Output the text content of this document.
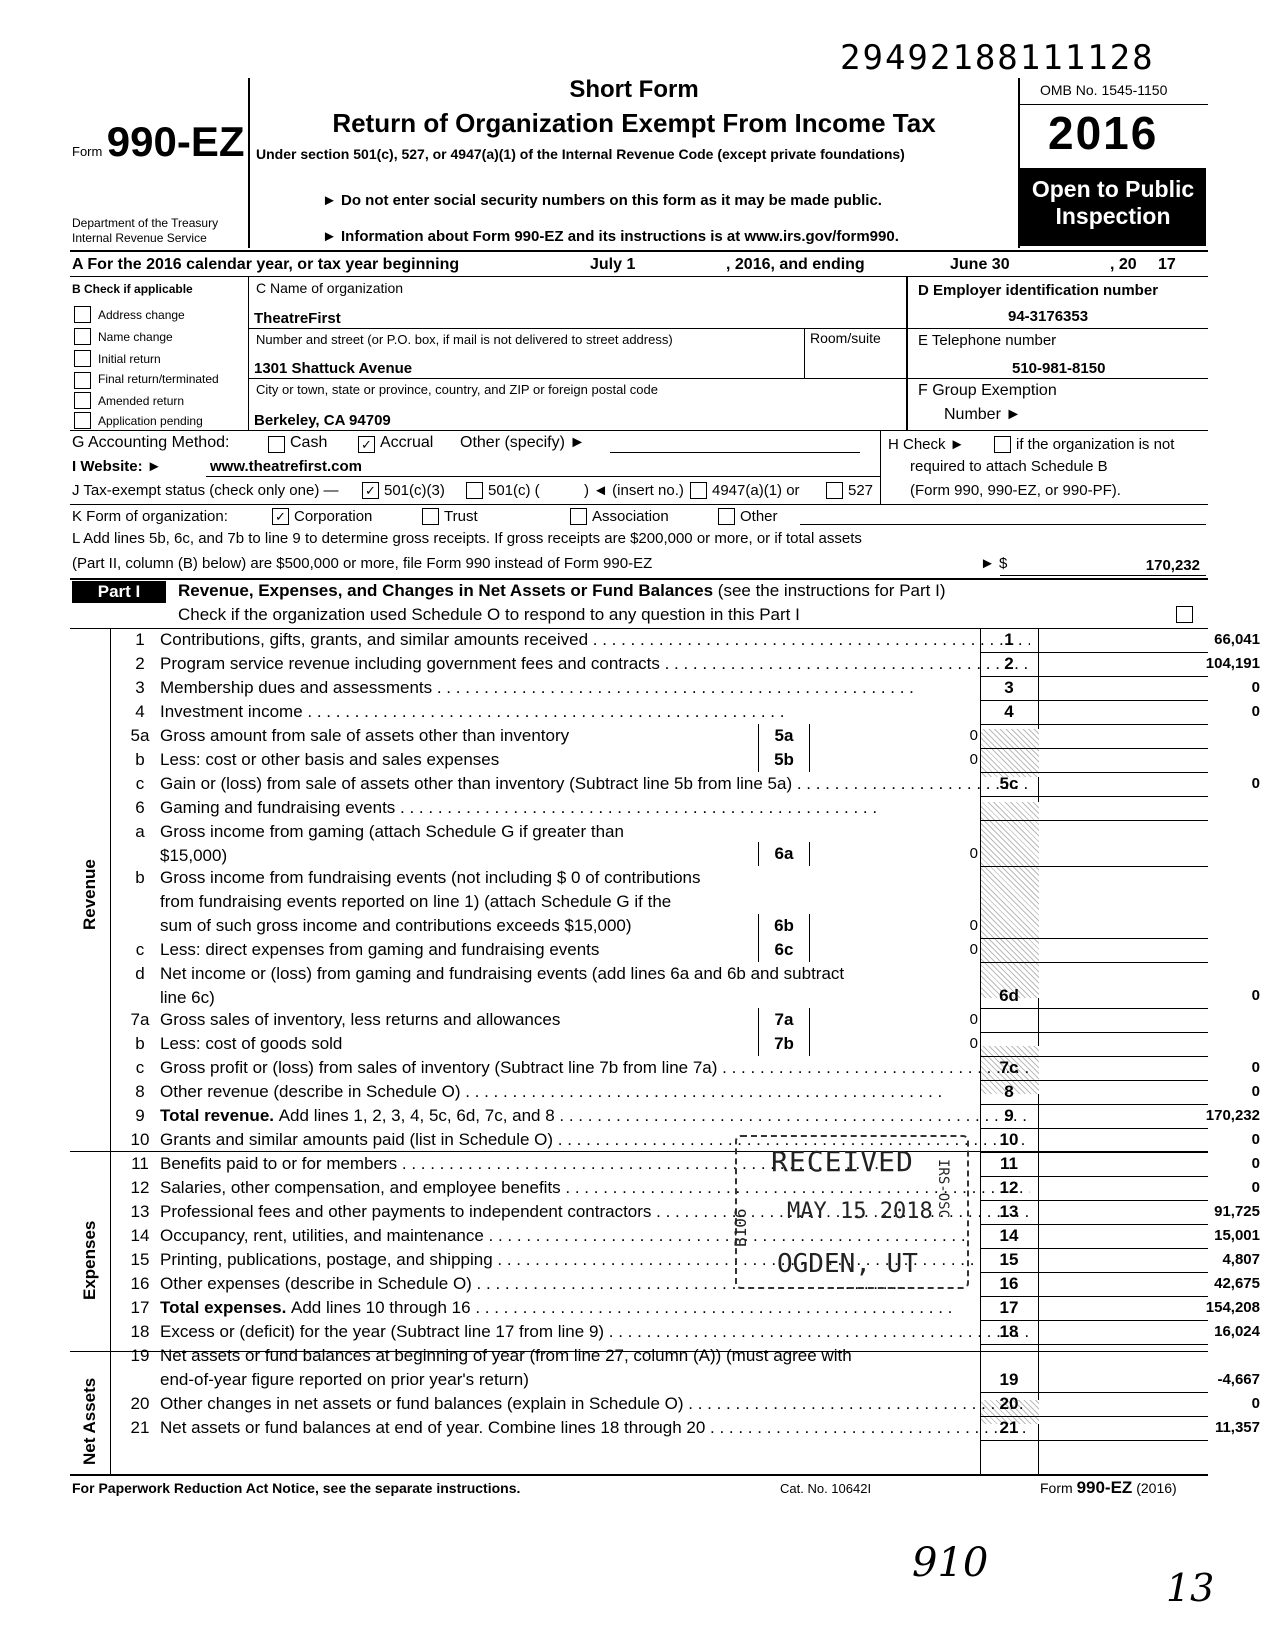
29492188111128
Form 990-EZ
Department of the Treasury
Internal Revenue Service
Short Form
Return of Organization Exempt From Income Tax
Under section 501(c), 527, or 4947(a)(1) of the Internal Revenue Code (except private foundations)
► Do not enter social security numbers on this form as it may be made public.
► Information about Form 990-EZ and its instructions is at www.irs.gov/form990.
OMB No. 1545-1150
2016
Open to Public
Inspection
A For the 2016 calendar year, or tax year beginning	July 1	, 2016, and ending	June 30	, 20 17
B Check if applicable
Address change
Name change
Initial return
Final return/terminated
Amended return
Application pending
C Name of organization
TheatreFirst
Number and street (or P.O. box, if mail is not delivered to street address)	Room/suite
1301 Shattuck Avenue
City or town, state or province, country, and ZIP or foreign postal code
Berkeley, CA 94709
D Employer identification number
94-3176353
E Telephone number
510-981-8150
F Group Exemption
Number ►
G Accounting Method:	Cash	✓ Accrual Other (specify) ►	H Check ►	if the organization is not
required to attach Schedule B
(Form 990, 990-EZ, or 990-PF).
I Website: ►	www.theatrefirst.com
J Tax-exempt status (check only one) — ✓ 501(c)(3)	501(c) (	) ◄ (insert no.) 4947(a)(1) or	527
K Form of organization:	✓ Corporation	Trust	Association	Other
L Add lines 5b, 6c, and 7b to line 9 to determine gross receipts. If gross receipts are $200,000 or more, or if total assets
(Part II, column (B) below) are $500,000 or more, file Form 990 instead of Form 990-EZ	► $	170,232
Part I	Revenue, Expenses, and Changes in Net Assets or Fund Balances (see the instructions for Part I)
Check if the organization used Schedule O to respond to any question in this Part I
Revenue
Expenses
Net Assets
1 Contributions, gifts, grants, and similar amounts received . .	1	66,041
2 Program service revenue including government fees and contracts . .	2	104,191
3 Membership dues and assessments . .	3	0
4 Investment income . .	4	0
5a Gross amount from sale of assets other than inventory	5a	0
b Less: cost or other basis and sales expenses	5b	0
c Gain or (loss) from sale of assets other than inventory (Subtract line 5b from line 5a) . .	5c	0
6 Gaming and fundraising events . .
a Gross income from gaming (attach Schedule G if greater than
$15,000)	6a	0
b Gross income from fundraising events (not including $ 0 of contributions
from fundraising events reported on line 1) (attach Schedule G if the
sum of such gross income and contributions exceeds $15,000)	6b	0
c Less: direct expenses from gaming and fundraising events	6c	0
d Net income or (loss) from gaming and fundraising events (add lines 6a and 6b and subtract
line 6c)	6d	0
7a Gross sales of inventory, less returns and allowances	7a	0
b Less: cost of goods sold	7b	0
c Gross profit or (loss) from sales of inventory (Subtract line 7b from line 7a) . .	7c	0
8 Other revenue (describe in Schedule O) . .	8	0
9 Total revenue. Add lines 1, 2, 3, 4, 5c, 6d, 7c, and 8 . .	9	170,232
10 Grants and similar amounts paid (list in Schedule O) . .	10	0
11 Benefits paid to or for members . .	11	0
12 Salaries, other compensation, and employee benefits . .	12	0
13 Professional fees and other payments to independent contractors . .	13	91,725
14 Occupancy, rent, utilities, and maintenance . .	14	15,001
15 Printing, publications, postage, and shipping . .	15	4,807
16 Other expenses (describe in Schedule O) . .	16	42,675
17 Total expenses. Add lines 10 through 16 . .	17	154,208
18 Excess or (deficit) for the year (Subtract line 17 from line 9) . .	18	16,024
19 Net assets or fund balances at beginning of year (from line 27, column (A)) (must agree with
end-of-year figure reported on prior year's return)	19	-4,667
20 Other changes in net assets or fund balances (explain in Schedule O) . .	20	0
21 Net assets or fund balances at end of year. Combine lines 18 through 20 . .	21	11,357
RECEIVED
MAY 15 2018
B106
IRS-OSC
OGDEN, UT
For Paperwork Reduction Act Notice, see the separate instructions.	Cat. No. 10642I	Form 990-EZ (2016)
910
13
